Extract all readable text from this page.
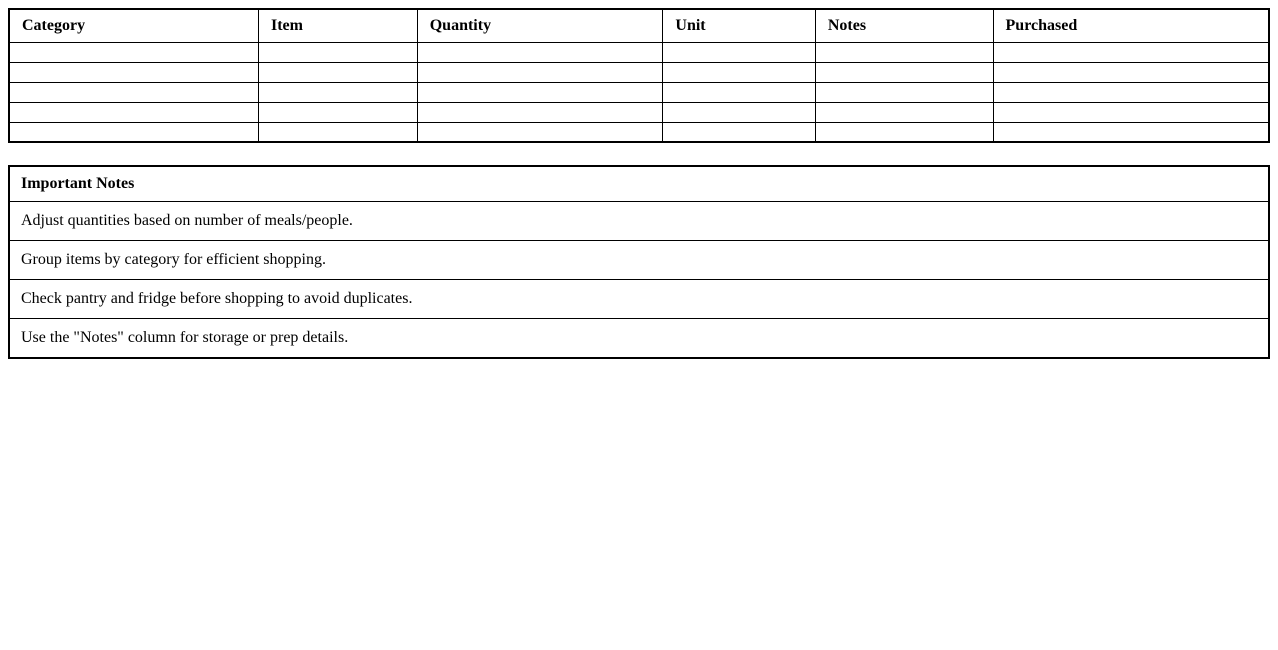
Category	Item	Quantity	Unit	Notes	Purchased

Important Notes
Adjust quantities based on number of meals/people.
Group items by category for efficient shopping.
Check pantry and fridge before shopping to avoid duplicates.
Use the "Notes" column for storage or prep details.
